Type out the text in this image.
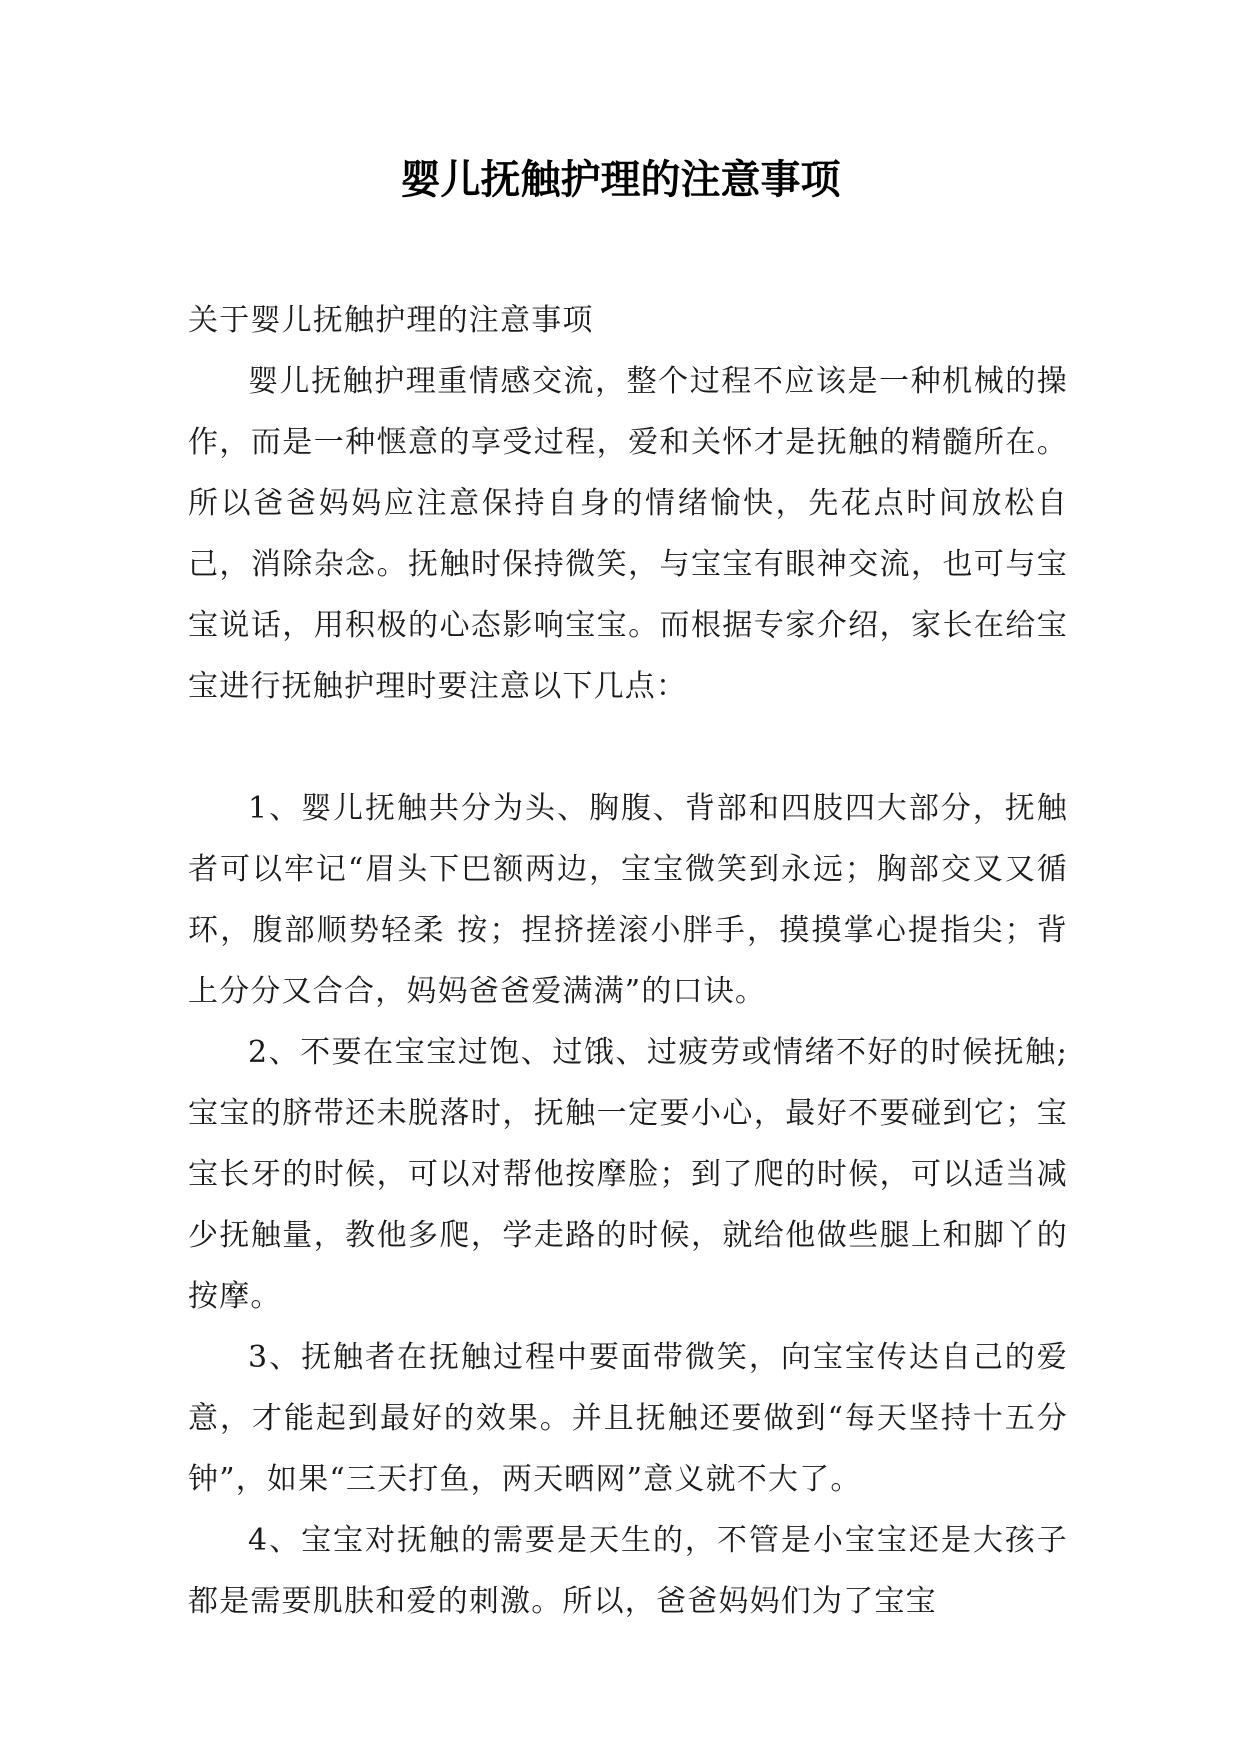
婴儿抚触护理的注意事项

关于婴儿抚触护理的注意事项

婴儿抚触护理重情感交流，整个过程不应该是一种机械的操作，而是一种惬意的享受过程，爱和关怀才是抚触的精髓所在。所以爸爸妈妈应注意保持自身的情绪愉快，先花点时间放松自己，消除杂念。抚触时保持微笑，与宝宝有眼神交流，也可与宝宝说话，用积极的心态影响宝宝。而根据专家介绍，家长在给宝宝进行抚触护理时要注意以下几点：

1、婴儿抚触共分为头、胸腹、背部和四肢四大部分，抚触者可以牢记“眉头下巴额两边，宝宝微笑到永远；胸部交叉又循环，腹部顺势轻柔 按；捏挤搓滚小胖手，摸摸掌心提指尖；背上分分又合合，妈妈爸爸爱满满”的口诀。

2、不要在宝宝过饱、过饿、过疲劳或情绪不好的时候抚触;宝宝的脐带还未脱落时，抚触一定要小心，最好不要碰到它；宝宝长牙的时候，可以对帮他按摩脸；到了爬的时候，可以适当减少抚触量，教他多爬，学走路的时候，就给他做些腿上和脚丫的按摩。

3、抚触者在抚触过程中要面带微笑，向宝宝传达自己的爱意，才能起到最好的效果。并且抚触还要做到“每天坚持十五分钟”，如果“三天打鱼，两天晒网”意义就不大了。

4、宝宝对抚触的需要是天生的，不管是小宝宝还是大孩子都是需要肌肤和爱的刺激。所以，爸爸妈妈们为了宝宝
